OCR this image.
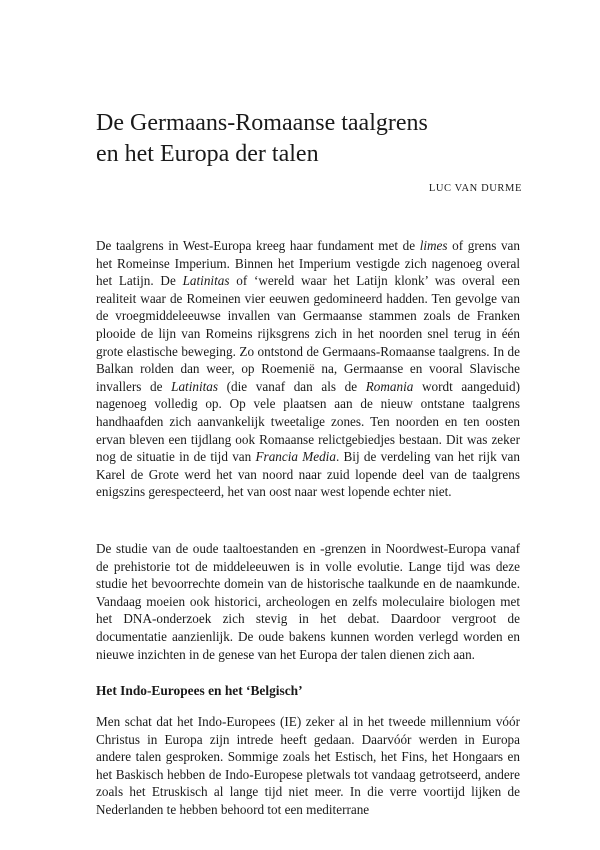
De Germaans-Romaanse taalgrens
en het Europa der talen

LUC VAN DURME

De taalgrens in West-Europa kreeg haar fundament met de limes of grens van het Romeinse Imperium. Binnen het Imperium vestigde zich nagenoeg overal het Latijn. De Latinitas of ‘wereld waar het Latijn klonk’ was overal een realiteit waar de Romeinen vier eeuwen gedomineerd hadden. Ten gevolge van de vroegmiddeleeuwse invallen van Germaanse stammen zoals de Franken plooide de lijn van Romeins rijksgrens zich in het noorden snel terug in één grote elastische beweging. Zo ontstond de Germaans-Romaanse taalgrens. In de Balkan rolden dan weer, op Roemenië na, Germaanse en vooral Slavische invallers de Latinitas (die vanaf dan als de Romania wordt aangeduid) nagenoeg volledig op. Op vele plaatsen aan de nieuw ontstane taalgrens handhaafden zich aanvankelijk tweetalige zones. Ten noorden en ten oosten ervan bleven een tijdlang ook Romaanse relictgebiedjes bestaan. Dit was zeker nog de situatie in de tijd van Francia Media. Bij de verdeling van het rijk van Karel de Grote werd het van noord naar zuid lopende deel van de taalgrens enigszins gerespecteerd, het van oost naar west lopende echter niet.

De studie van de oude taaltoestanden en -grenzen in Noordwest-Europa vanaf de prehistorie tot de middeleeuwen is in volle evolutie. Lange tijd was deze studie het bevoorrechte domein van de historische taalkunde en de naamkunde. Vandaag moeien ook historici, archeologen en zelfs moleculaire biologen met het DNA-onderzoek zich stevig in het debat. Daardoor vergroot de documentatie aanzienlijk. De oude bakens kunnen worden verlegd worden en nieuwe inzichten in de genese van het Europa der talen dienen zich aan.

Het Indo-Europees en het ‘Belgisch’

Men schat dat het Indo-Europees (IE) zeker al in het tweede millennium vóór Christus in Europa zijn intrede heeft gedaan. Daarvóór werden in Europa andere talen gesproken. Sommige zoals het Estisch, het Fins, het Hongaars en het Baskisch hebben de Indo-Europese pletwals tot vandaag getrotseerd, andere zoals het Etruskisch al lange tijd niet meer. In die verre voortijd lijken de Nederlanden te hebben behoord tot een mediterrane
